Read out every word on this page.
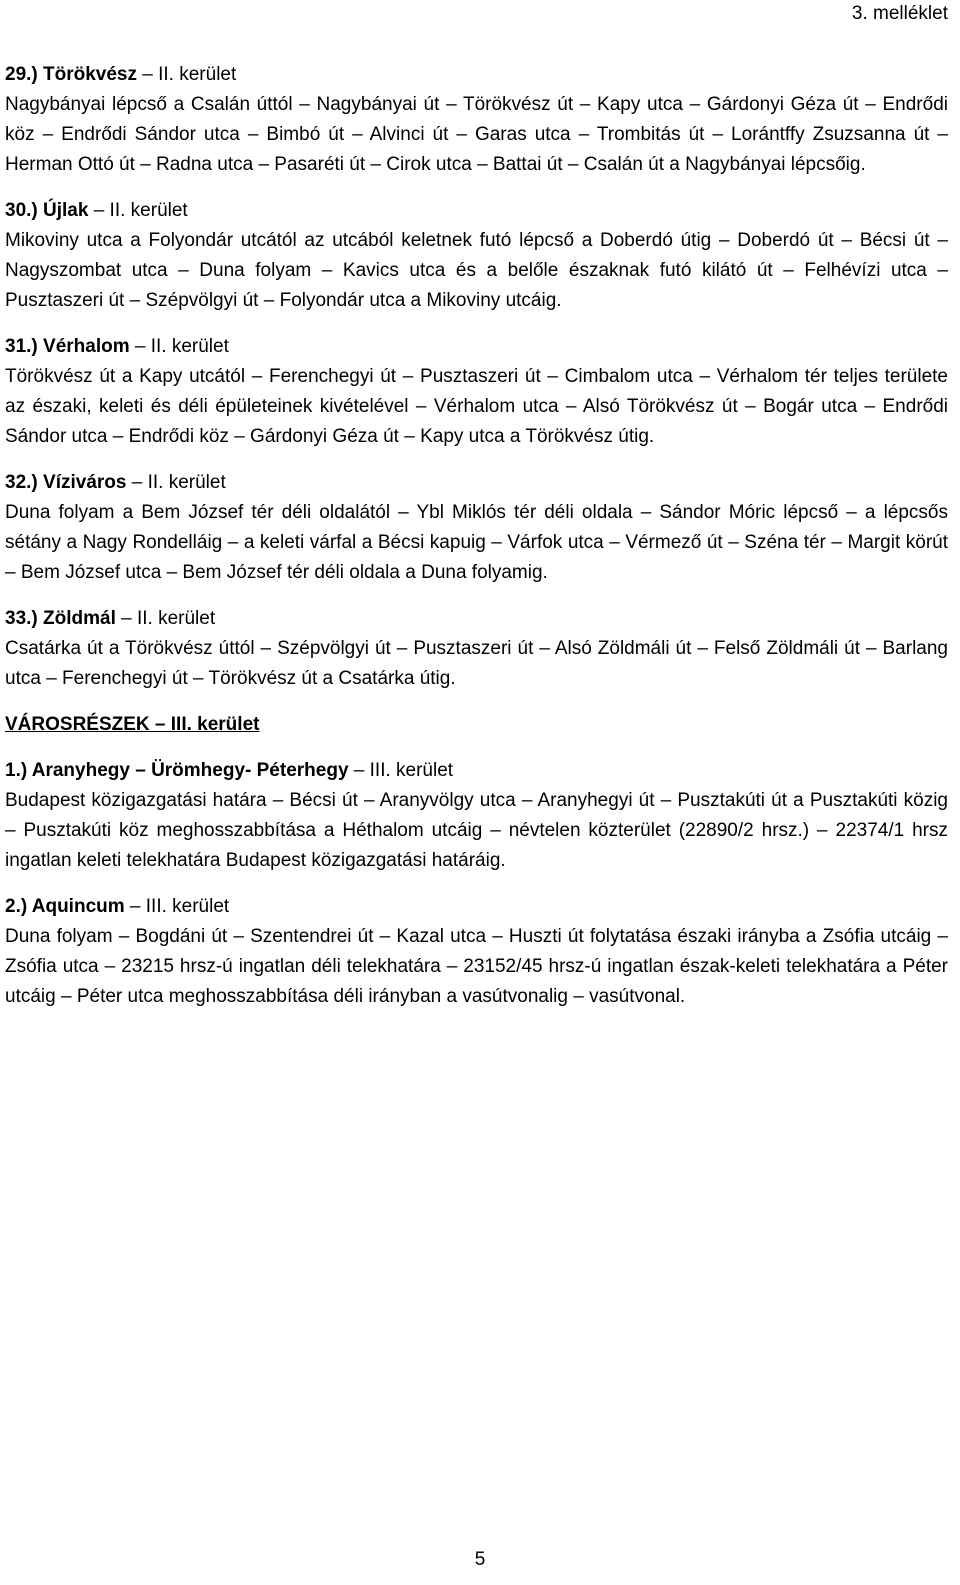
3. melléklet

29.) Törökvész – II. kerület

Nagybányai lépcső a Csalán úttól – Nagybányai út – Törökvész út – Kapy utca – Gárdonyi Géza út – Endrődi köz – Endrődi Sándor utca – Bimbó út – Alvinci út – Garas utca – Trombitás út – Lorántffy Zsuzsanna út – Herman Ottó út – Radna utca – Pasaréti út – Cirok utca – Battai út – Csalán út a Nagybányai lépcsőig.

30.) Újlak – II. kerület

Mikoviny utca a Folyondár utcától az utcából keletnek futó lépcső a Doberdó útig – Doberdó út – Bécsi út – Nagyszombat utca – Duna folyam – Kavics utca és a belőle északnak futó kilátó út – Felhévízi utca – Pusztaszeri út – Szépvölgyi út – Folyondár utca a Mikoviny utcáig.

31.) Vérhalom – II. kerület

Törökvész út a Kapy utcától – Ferenchegyi út – Pusztaszeri út – Cimbalom utca – Vérhalom tér teljes területe az északi, keleti és déli épületeinek kivételével – Vérhalom utca – Alsó Törökvész út – Bogár utca – Endrődi Sándor utca – Endrődi köz – Gárdonyi Géza út – Kapy utca a Törökvész útig.

32.) Víziváros – II. kerület

Duna folyam a Bem József tér déli oldalától – Ybl Miklós tér déli oldala – Sándor Móric lépcső – a lépcsős sétány a Nagy Rondelláig – a keleti várfal a Bécsi kapuig – Várfok utca – Vérmező út – Széna tér – Margit körút – Bem József utca – Bem József tér déli oldala a Duna folyamig.

33.) Zöldmál – II. kerület

Csatárka út a Törökvész úttól – Szépvölgyi út – Pusztaszeri út – Alsó Zöldmáli út – Felső Zöldmáli út – Barlang utca – Ferenchegyi út – Törökvész út a Csatárka útig.

VÁROSRÉSZEK – III. kerület

1.) Aranyhegy – Ürömhegy- Péterhegy – III. kerület

Budapest közigazgatási határa – Bécsi út – Aranyvölgy utca – Aranyhegyi út – Pusztakúti út a Pusztakúti közig – Pusztakúti köz meghosszabbítása a Héthalom utcáig – névtelen közterület (22890/2 hrsz.) – 22374/1 hrsz ingatlan keleti telekhatára Budapest közigazgatási határáig.

2.) Aquincum – III. kerület

Duna folyam – Bogdáni út – Szentendrei út – Kazal utca – Huszti út folytatása északi irányba a Zsófia utcáig – Zsófia utca – 23215 hrsz-ú ingatlan déli telekhatára – 23152/45 hrsz-ú ingatlan észak-keleti telekhatára a Péter utcáig – Péter utca meghosszabbítása déli irányban a vasútvonalig – vasútvonal.

5
